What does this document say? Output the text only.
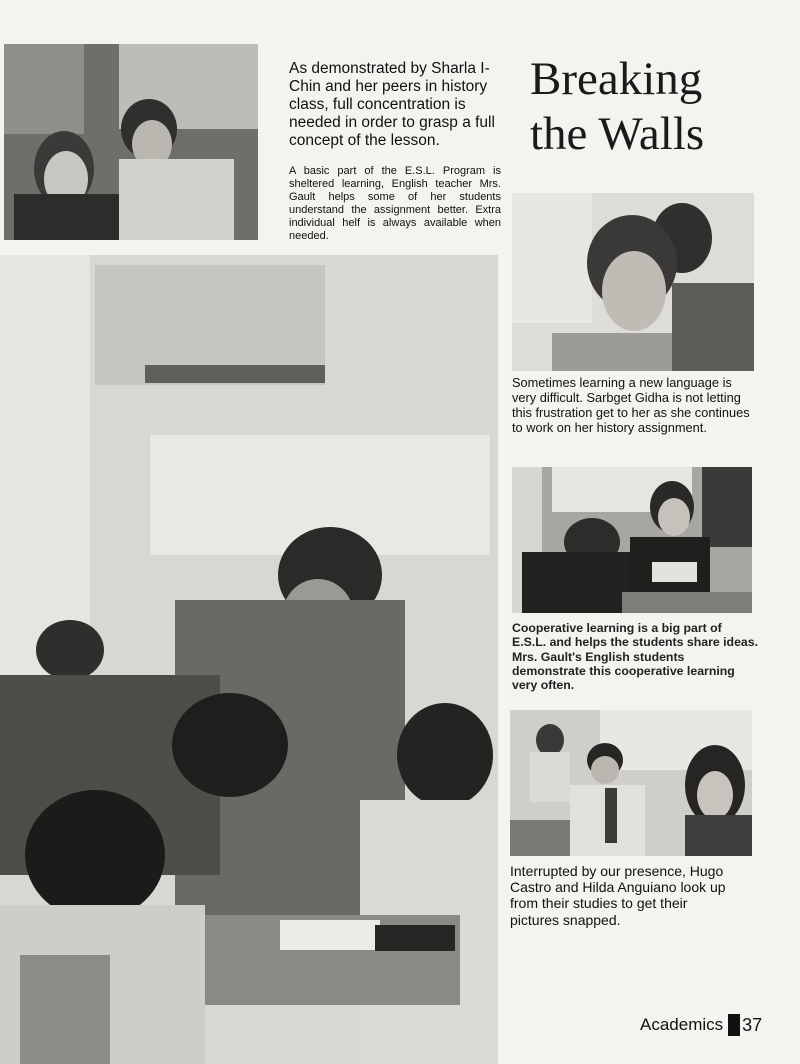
As demonstrated by Sharla I-Chin and her peers in history class, full concentration is needed in order to grasp a full concept of the lesson.
A basic part of the E.S.L. Program is sheltered learning, English teacher Mrs. Gault helps some of her students understand the assignment better. Extra individual helf is always available when needed.
Breaking
the Walls
Sometimes learning a new language is very difficult. Sarbget Gidha is not letting this frustration get to her as she continues to work on her history assignment.
Cooperative learning is a big part of E.S.L. and helps the students share ideas. Mrs. Gault's English students demonstrate this cooperative learning very often.
Interrupted by our presence, Hugo Castro and Hilda Anguiano look up from their studies to get their pictures snapped.
Academics 37
